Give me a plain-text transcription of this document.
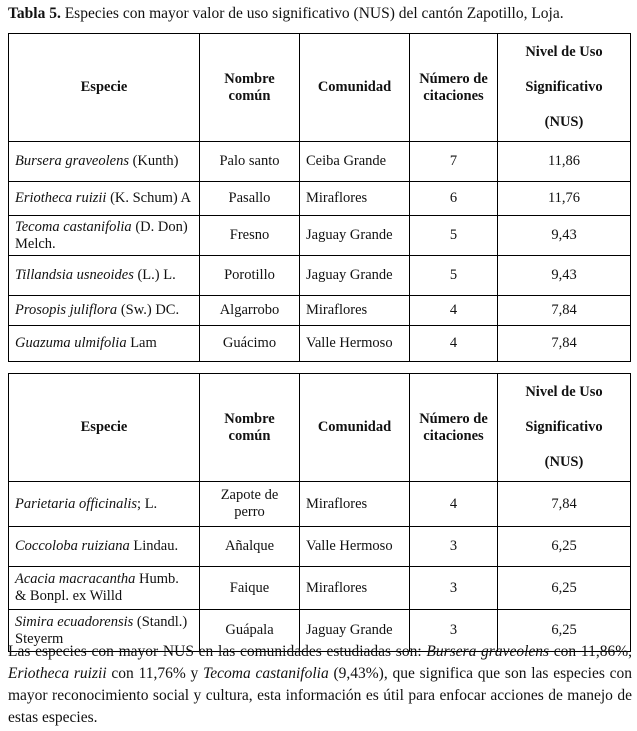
Tabla 5. Especies con mayor valor de uso significativo (NUS) del cantón Zapotillo, Loja.
Especie	Nombre común	Comunidad	Número de citaciones	Nivel de Uso
Significativo
(NUS)

Bursera graveolens (Kunth)	Palo santo	Ceiba Grande	7	11,86
Eriotheca ruizii (K. Schum) A	Pasallo	Miraflores	6	11,76
Tecoma castanifolia (D. Don) Melch.	Fresno	Jaguay Grande	5	9,43
Tillandsia usneoides (L.) L.	Porotillo	Jaguay Grande	5	9,43
Prosopis juliflora (Sw.) DC.	Algarrobo	Miraflores	4	7,84
Guazuma ulmifolia Lam	Guácimo	Valle Hermoso	4	7,84
Especie	Nombre común	Comunidad	Número de citaciones	Nivel de Uso
Significativo
(NUS)

Parietaria officinalis; L.	Zapote de perro	Miraflores	4	7,84
Coccoloba ruiziana Lindau.	Añalque	Valle Hermoso	3	6,25
Acacia macracantha Humb. & Bonpl. ex Willd	Faique	Miraflores	3	6,25
Simira ecuadorensis (Standl.) Steyerm	Guápala	Jaguay Grande	3	6,25
Las especies con mayor NUS en las comunidades estudiadas son: Bursera graveolens con 11,86%, Eriotheca ruizii con 11,76% y Tecoma castanifolia (9,43%), que significa que son las especies con mayor reconocimiento social y cultura, esta información es útil para enfocar acciones de manejo de estas especies.
